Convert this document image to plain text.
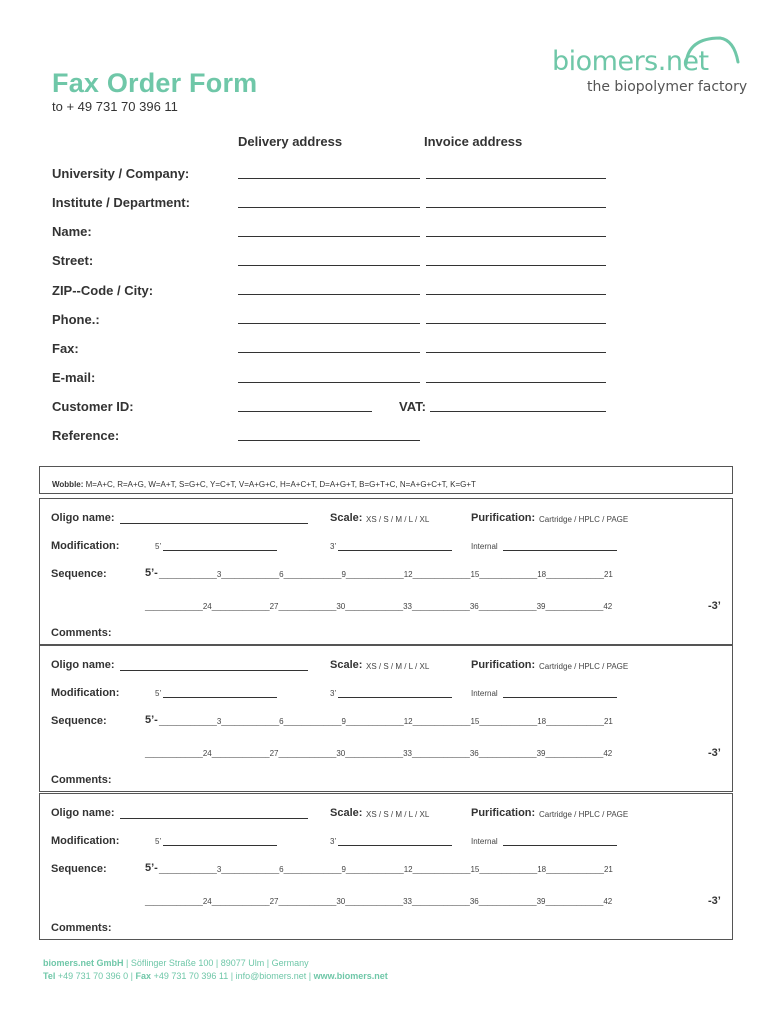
Fax Order Form
to + 49 731 70 396 11
biomers.net
the biopolymer factory
Delivery address	Invoice address
University / Company:
Institute / Department:
Name:
Street:
ZIP--Code / City:
Phone.:
Fax:
E-mail:
Customer ID:	VAT:
Reference:
Wobble: M=A+C, R=A+G, W=A+T, S=G+C, Y=C+T, V=A+G+C, H=A+C+T, D=A+G+T, B=G+T+C, N=A+G+C+T, K=G+T
Oligo name:	Scale: XS / S / M / L / XL	Purification: Cartridge / HPLC / PAGE
Modification:	5’	3’	Internal
Sequence:	5’- _____________3_____________6_____________9_____________12_____________15_____________18_____________21
_____________24_____________27_____________30_____________33_____________36_____________39_____________42	-3’
Comments:
Oligo name:	Scale: XS / S / M / L / XL	Purification: Cartridge / HPLC / PAGE
Modification:	5’	3’	Internal
Sequence:	5’- _____________3_____________6_____________9_____________12_____________15_____________18_____________21
_____________24_____________27_____________30_____________33_____________36_____________39_____________42	-3’
Comments:
Oligo name:	Scale: XS / S / M / L / XL	Purification: Cartridge / HPLC / PAGE
Modification:	5’	3’	Internal
Sequence:	5’- _____________3_____________6_____________9_____________12_____________15_____________18_____________21
_____________24_____________27_____________30_____________33_____________36_____________39_____________42	-3’
Comments:
biomers.net GmbH | Söflinger Straße 100 | 89077 Ulm | Germany
Tel +49 731 70 396 0 | Fax +49 731 70 396 11 | info@biomers.net | www.biomers.net
